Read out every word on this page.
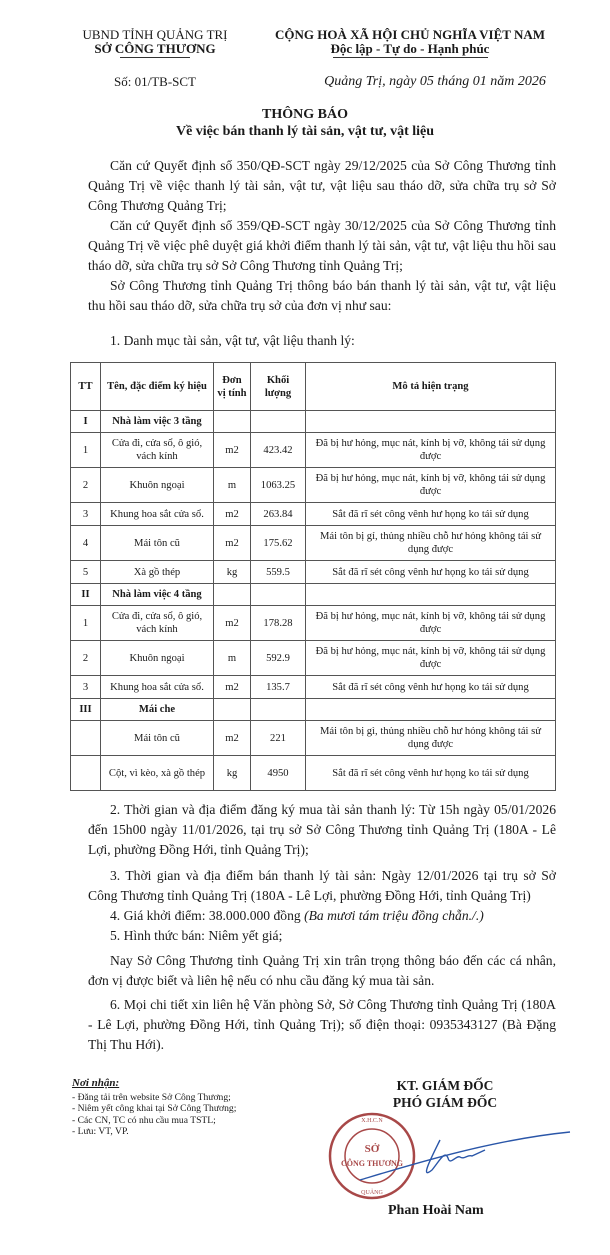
UBND TỈNH QUẢNG TRỊ
SỞ CÔNG THƯƠNG
CỘNG HOÀ XÃ HỘI CHỦ NGHĨA VIỆT NAM
Độc lập - Tự do - Hạnh phúc
Số: 01/TB-SCT	Quảng Trị, ngày 05 tháng 01 năm 2026
THÔNG BÁO
Về việc bán thanh lý tài sản, vật tư, vật liệu
Căn cứ Quyết định số 350/QĐ-SCT ngày 29/12/2025 của Sở Công Thương tỉnh Quảng Trị về việc thanh lý tài sản, vật tư, vật liệu sau tháo dỡ, sửa chữa trụ sở Sở Công Thương Quảng Trị;
Căn cứ Quyết định số 359/QĐ-SCT ngày 30/12/2025 của Sở Công Thương tỉnh Quảng Trị về việc phê duyệt giá khởi điểm thanh lý tài sản, vật tư, vật liệu thu hồi sau tháo dỡ, sửa chữa trụ sở Sở Công Thương tỉnh Quảng Trị;
Sở Công Thương tỉnh Quảng Trị thông báo bán thanh lý tài sản, vật tư, vật liệu thu hồi sau tháo dỡ, sửa chữa trụ sở của đơn vị như sau:
1. Danh mục tài sản, vật tư, vật liệu thanh lý:
TT	Tên, đặc điểm ký hiệu	Đơn vị tính	Khối lượng	Mô tả hiện trạng
I	Nhà làm việc 3 tầng			
1	Cửa đi, cửa sổ, ô gió, vách kính	m2	423.42	Đã bị hư hỏng, mục nát, kính bị vỡ, không tái sử dụng được
2	Khuôn ngoại	m	1063.25	Đã bị hư hỏng, mục nát, kính bị vỡ, không tái sử dụng được
3	Khung hoa sắt cửa sổ.	m2	263.84	Sắt đã rĩ sét công vênh hư họng ko tái sử dụng
4	Mái tôn cũ	m2	175.62	Mái tôn bị gỉ, thủng nhiều chỗ hư hỏng không tái sử dụng được
5	Xà gồ thép	kg	559.5	Sắt đã rĩ sét công vênh hư họng ko tái sử dụng
II	Nhà làm việc 4 tầng			
1	Cửa đi, cửa sổ, ô gió, vách kính	m2	178.28	Đã bị hư hỏng, mục nát, kính bị vỡ, không tái sử dụng được
2	Khuôn ngoại	m	592.9	Đã bị hư hỏng, mục nát, kính bị vỡ, không tái sử dụng được
3	Khung hoa sắt cửa sổ.	m2	135.7	Sắt đã rĩ sét công vênh hư họng ko tái sử dụng
III	Mái che			
	Mái tôn cũ	m2	221	Mái tôn bị gì, thủng nhiều chỗ hư hỏng không tái sử dụng được
	Cột, vì kèo, xà gồ thép	kg	4950	Sắt đã rĩ sét công vênh hư họng ko tái sử dụng
2. Thời gian và địa điểm đăng ký mua tài sản thanh lý: Từ 15h ngày 05/01/2026 đến 15h00 ngày 11/01/2026, tại trụ sở Sở Công Thương tỉnh Quảng Trị (180A - Lê Lợi, phường Đồng Hới, tỉnh Quảng Trị);
3. Thời gian và địa điểm bán thanh lý tài sản: Ngày 12/01/2026 tại trụ sở Sở Công Thương tỉnh Quảng Trị (180A - Lê Lợi, phường Đồng Hới, tỉnh Quảng Trị)
4. Giá khởi điểm: 38.000.000 đồng (Ba mươi tám triệu đồng chẵn./.)
5. Hình thức bán: Niêm yết giá;
Nay Sở Công Thương tỉnh Quảng Trị xin trân trọng thông báo đến các cá nhân, đơn vị được biết và liên hệ nếu có nhu cầu đăng ký mua tài sản.
6. Mọi chi tiết xin liên hệ Văn phòng Sở, Sở Công Thương tỉnh Quảng Trị (180A - Lê Lợi, phường Đồng Hới, tỉnh Quảng Trị); số điện thoại: 0935343127 (Bà Đặng Thị Thu Hới).
Nơi nhận:
- Đăng tải trên website Sở Công Thương;
- Niêm yết công khai tại Sở Công Thương;
- Các CN, TC có nhu cầu mua TSTL;
- Lưu: VT, VP.
KT. GIÁM ĐỐC
PHÓ GIÁM ĐỐC
SỞ
CÔNG THƯƠNG
X.H.C.N
QUẢNG
Phan Hoài Nam
